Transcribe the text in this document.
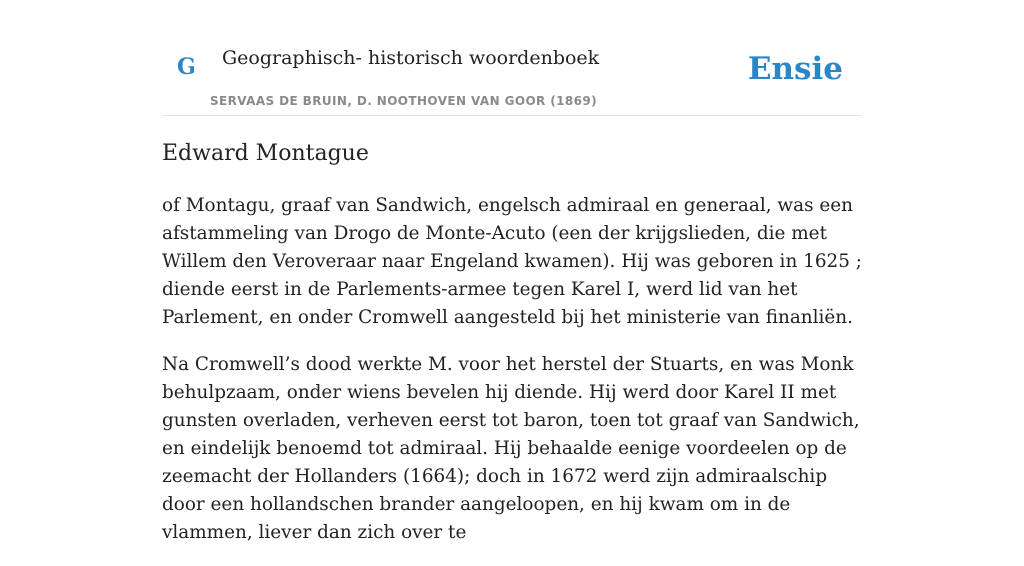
G Geographisch- historisch woordenboek
SERVAAS DE BRUIN, D. NOOTHOVEN VAN GOOR (1869)
Ensie
Edward Montague

of Montagu, graaf van Sandwich, engelsch admiraal en generaal, was een afstammeling van Drogo de Monte-Acuto (een der krijgslieden, die met Willem den Veroveraar naar Engeland kwamen). Hij was geboren in 1625 ; diende eerst in de Parlements-armee tegen Karel I, werd lid van het Parlement, en onder Cromwell aangesteld bij het ministerie van finanliën.

Na Cromwell’s dood werkte M. voor het herstel der Stuarts, en was Monk behulpzaam, onder wiens bevelen hij diende. Hij werd door Karel II met gunsten overladen, verheven eerst tot baron, toen tot graaf van Sandwich, en eindelijk benoemd tot admiraal. Hij behaalde eenige voordeelen op de zeemacht der Hollanders (1664); doch in 1672 werd zijn admiraalschip door een hollandschen brander aangeloopen, en hij kwam om in de vlammen, liever dan zich over te
